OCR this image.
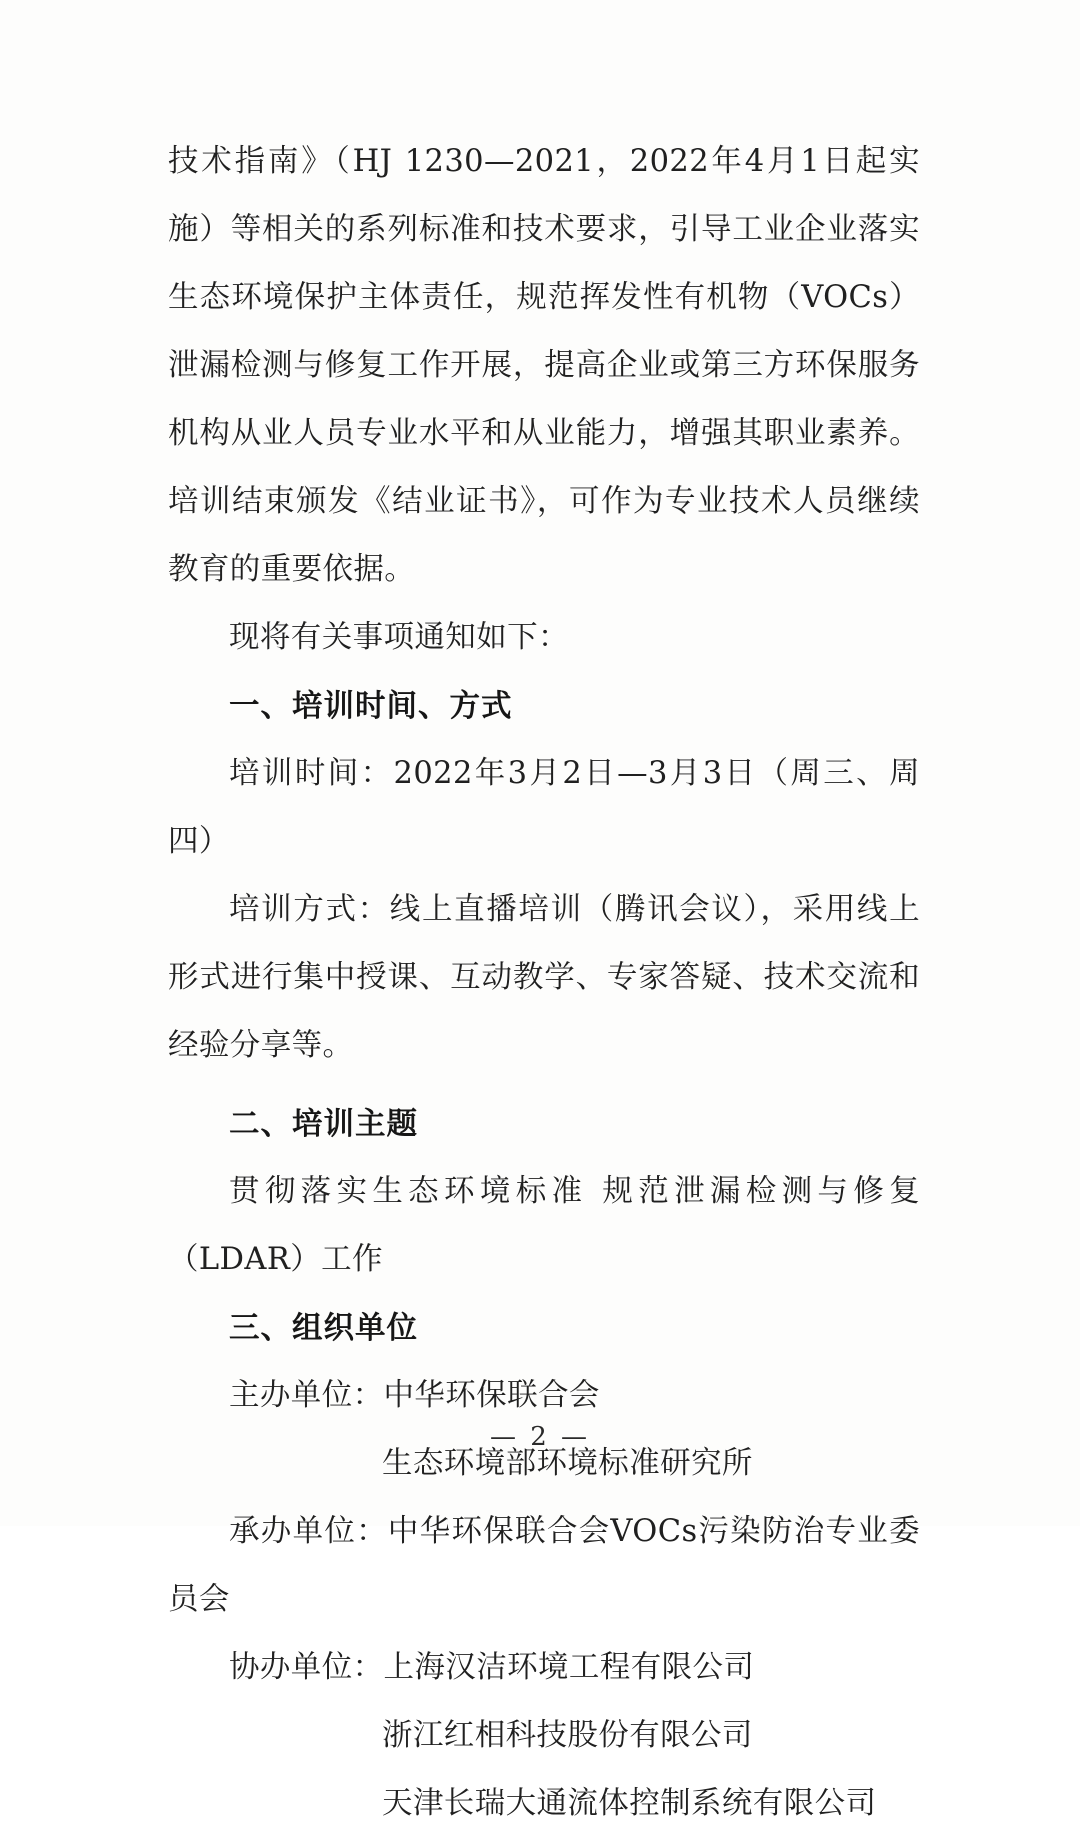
技术指南》（HJ 1230—2021，2022年4月1日起实施）等相关的系列标准和技术要求，引导工业企业落实生态环境保护主体责任，规范挥发性有机物（VOCs）泄漏检测与修复工作开展，提高企业或第三方环保服务机构从业人员专业水平和从业能力，增强其职业素养。培训结束颁发《结业证书》，可作为专业技术人员继续教育的重要依据。

现将有关事项通知如下：

一、培训时间、方式

培训时间：2022年3月2日—3月3日（周三、周四）

培训方式：线上直播培训（腾讯会议），采用线上形式进行集中授课、互动教学、专家答疑、技术交流和经验分享等。

二、培训主题

贯彻落实生态环境标准 规范泄漏检测与修复（LDAR）工作

三、组织单位

主办单位：中华环保联合会

生态环境部环境标准研究所

承办单位：中华环保联合会VOCs污染防治专业委员会

协办单位：上海汉洁环境工程有限公司

浙江红相科技股份有限公司

天津长瑞大通流体控制系统有限公司

— 2 —
